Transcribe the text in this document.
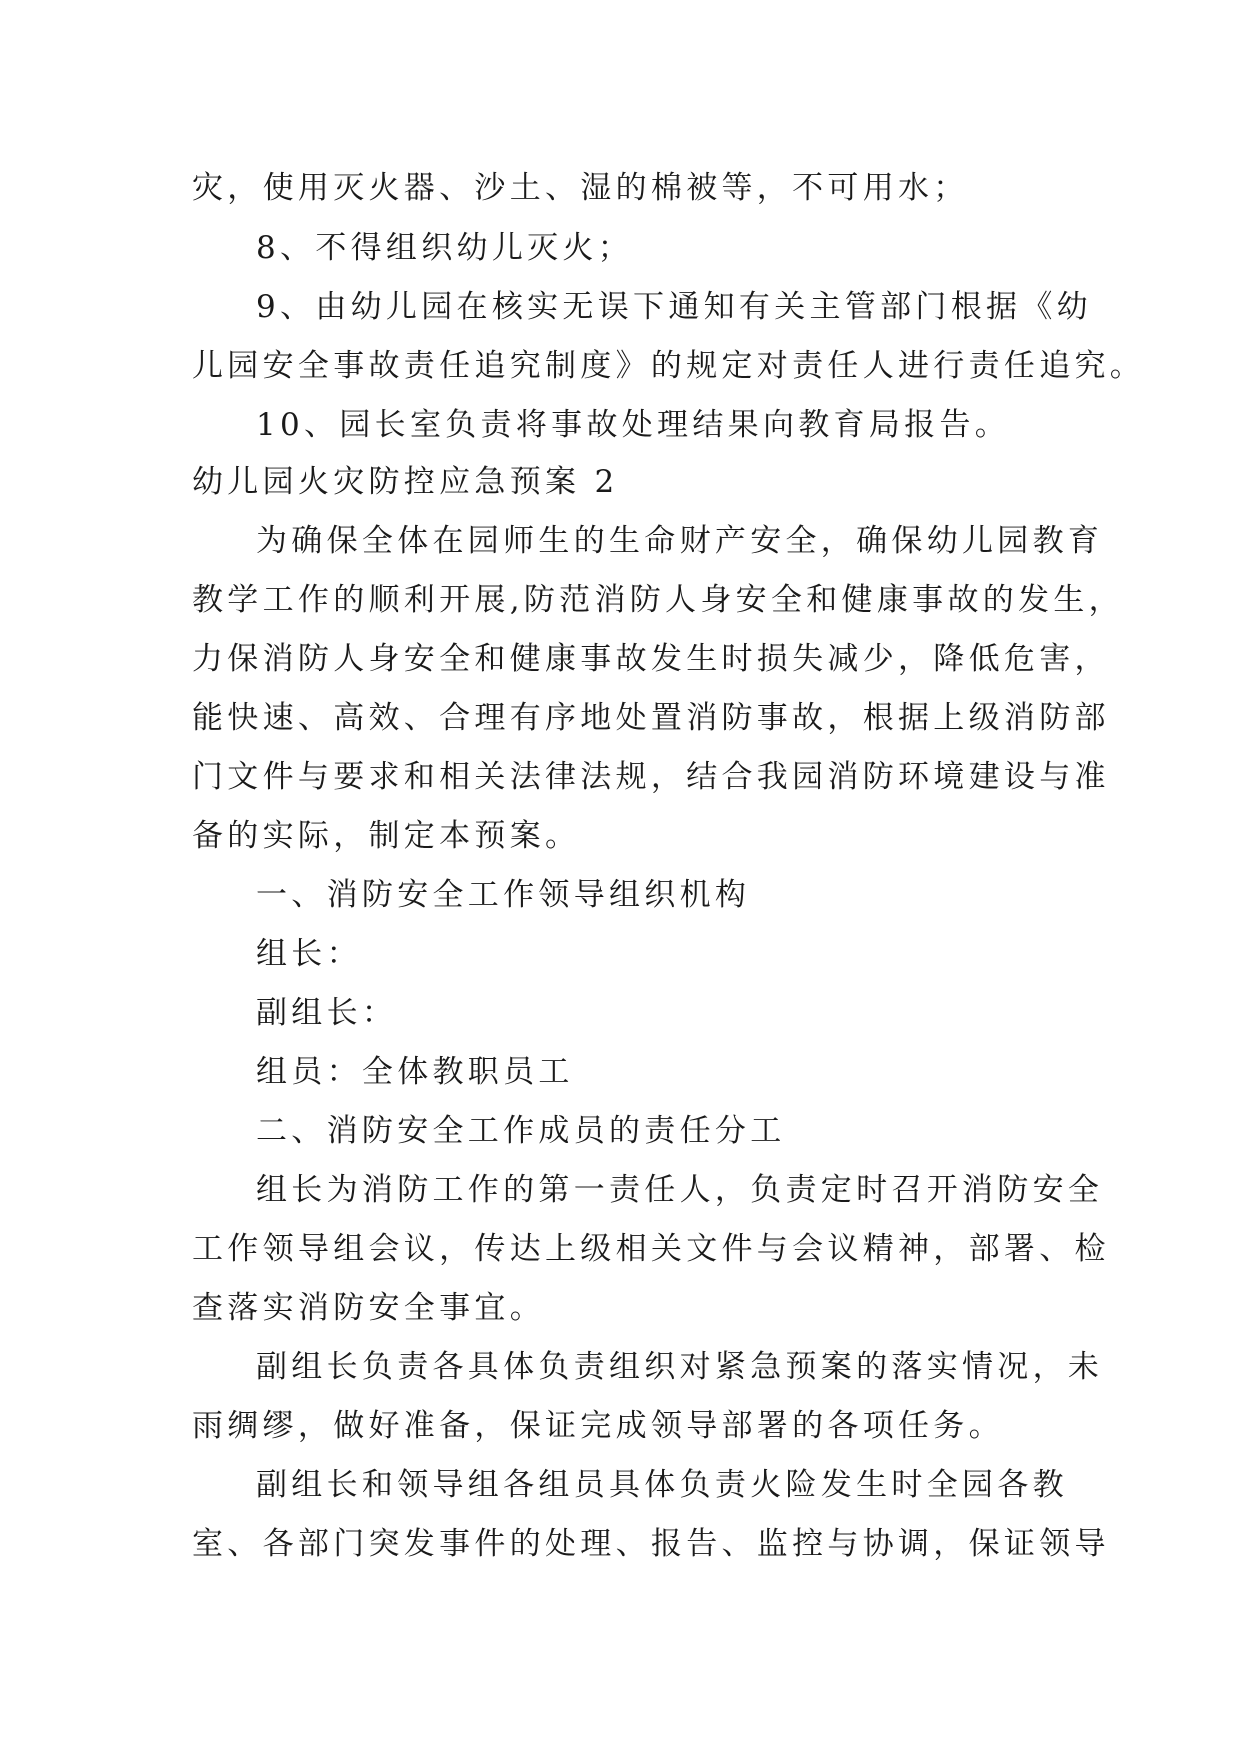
灾，使用灭火器、沙土、湿的棉被等，不可用水；
8、不得组织幼儿灭火；
9、由幼儿园在核实无误下通知有关主管部门根据《幼
儿园安全事故责任追究制度》的规定对责任人进行责任追究。
10、园长室负责将事故处理结果向教育局报告。
幼儿园火灾防控应急预案 2
为确保全体在园师生的生命财产安全，确保幼儿园教育
教学工作的顺利开展,防范消防人身安全和健康事故的发生，
力保消防人身安全和健康事故发生时损失减少，降低危害，
能快速、高效、合理有序地处置消防事故，根据上级消防部
门文件与要求和相关法律法规，结合我园消防环境建设与准
备的实际，制定本预案。
一、消防安全工作领导组织机构
组长：
副组长：
组员：全体教职员工
二、消防安全工作成员的责任分工
组长为消防工作的第一责任人，负责定时召开消防安全
工作领导组会议，传达上级相关文件与会议精神，部署、检
查落实消防安全事宜。
副组长负责各具体负责组织对紧急预案的落实情况，未
雨绸缪，做好准备，保证完成领导部署的各项任务。
副组长和领导组各组员具体负责火险发生时全园各教
室、各部门突发事件的处理、报告、监控与协调，保证领导
